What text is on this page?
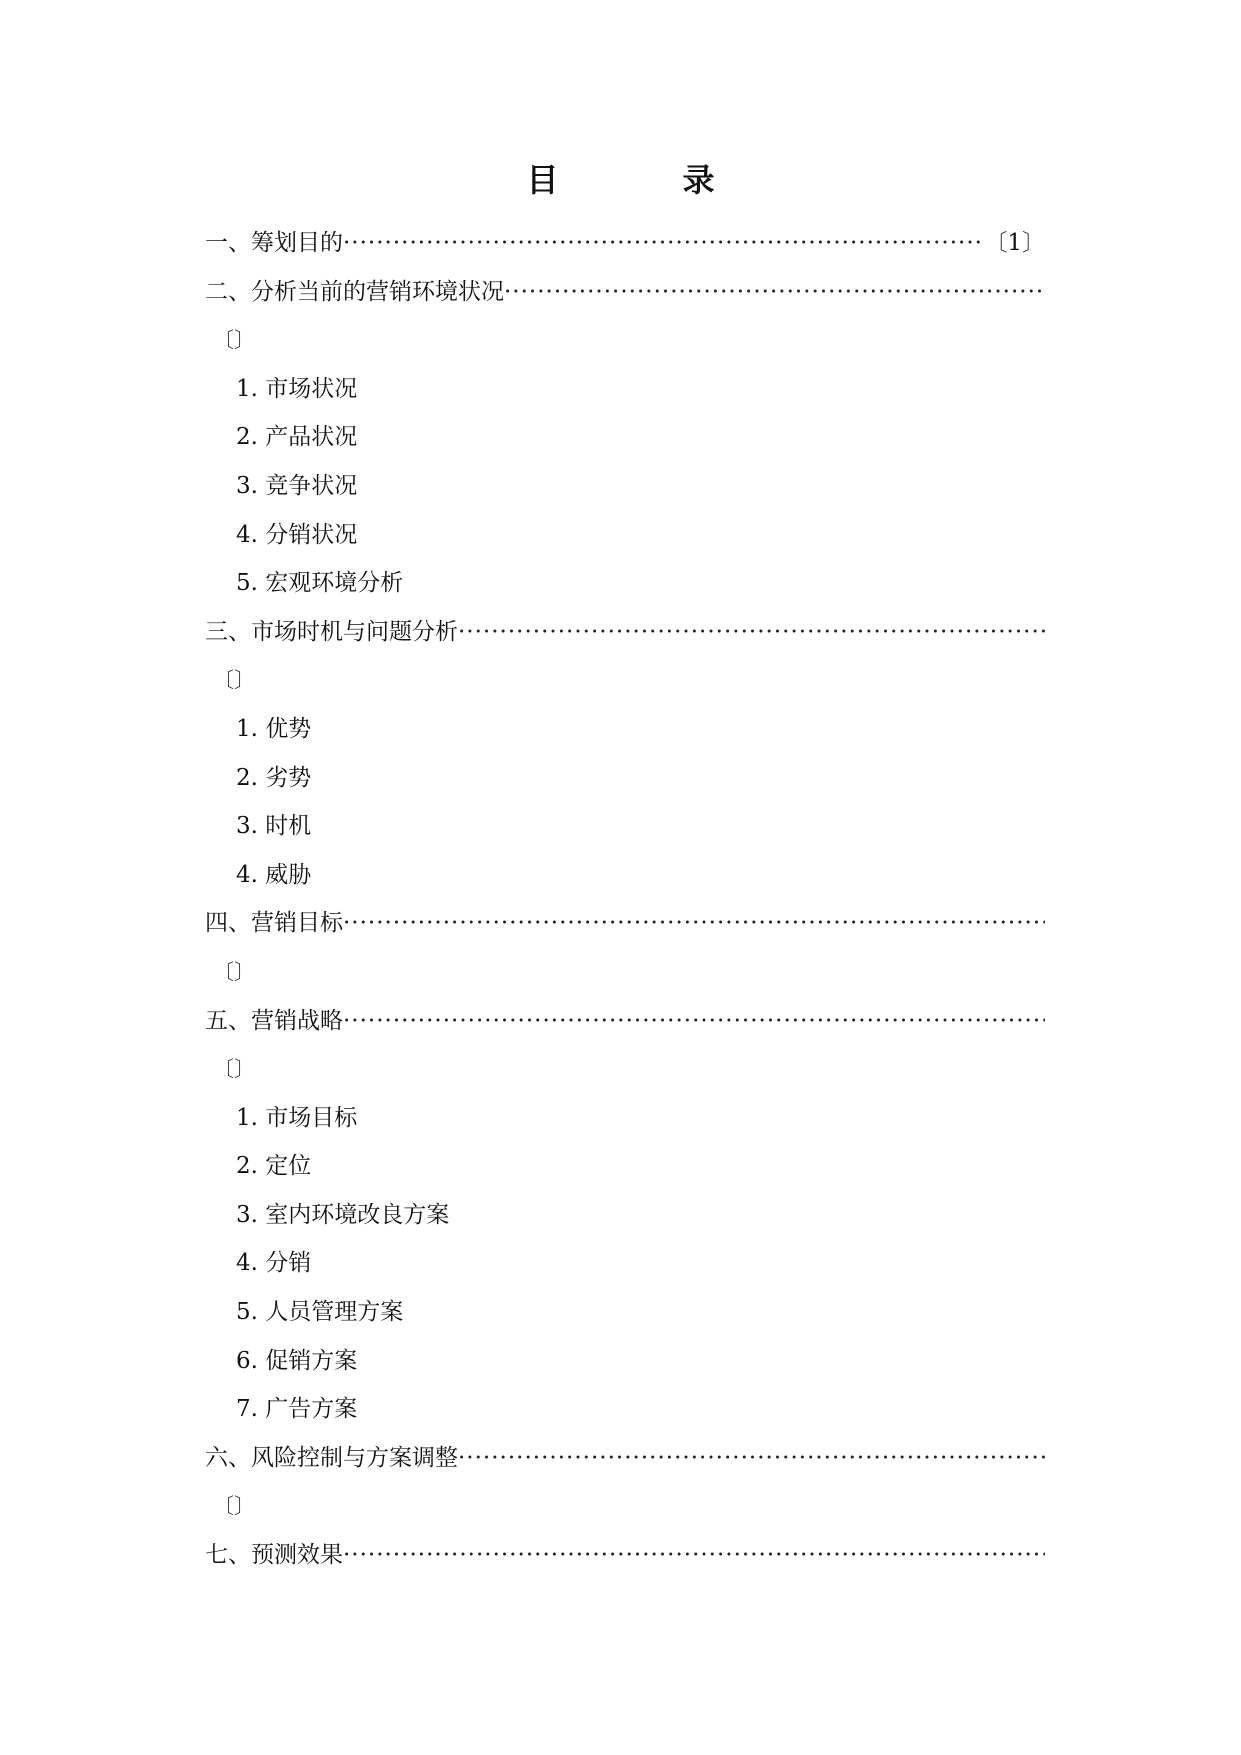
目　录
一、筹划目的
·····	〔1〕
二、分析当前的营销环境状况
·····
〔〕
1. 市场状况
2. 产品状况
3. 竞争状况
4. 分销状况
5. 宏观环境分析
三、市场时机与问题分析
·····
〔〕
1. 优势
2. 劣势
3. 时机
4. 威胁
四、营销目标
·····
〔〕
五、营销战略
·····
〔〕
1. 市场目标
2. 定位
3. 室内环境改良方案
4. 分销
5. 人员管理方案
6. 促销方案
7. 广告方案
六、风险控制与方案调整
·····
〔〕
七、预测效果
·····
